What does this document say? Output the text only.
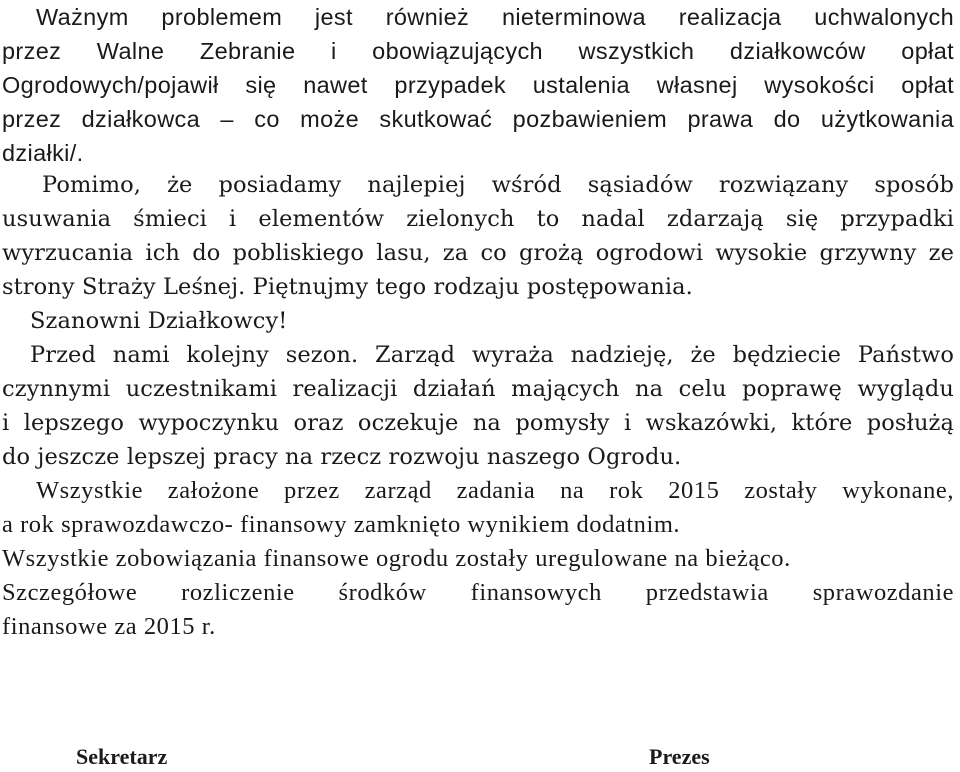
Ważnym problemem jest również nieterminowa realizacja uchwalonych
przez Walne Zebranie i obowiązujących wszystkich działkowców opłat
Ogrodowych/pojawił się nawet przypadek ustalenia własnej wysokości opłat
przez działkowca – co może skutkować pozbawieniem prawa do użytkowania
działki/.
Pomimo, że posiadamy najlepiej wśród sąsiadów rozwiązany sposób
usuwania śmieci i elementów zielonych to nadal zdarzają się przypadki
wyrzucania ich do pobliskiego lasu, za co grożą ogrodowi wysokie grzywny ze
strony Straży Leśnej. Piętnujmy tego rodzaju postępowania.
Szanowni Działkowcy!
Przed nami kolejny sezon. Zarząd wyraża nadzieję, że będziecie Państwo
czynnymi uczestnikami realizacji działań mających na celu poprawę wyglądu
i lepszego wypoczynku oraz oczekuje na pomysły i wskazówki, które posłużą
do jeszcze lepszej pracy na rzecz rozwoju naszego Ogrodu.
Wszystkie założone przez zarząd zadania na rok 2015 zostały wykonane,
a rok sprawozdawczo- finansowy zamknięto wynikiem dodatnim.
Wszystkie zobowiązania finansowe ogrodu zostały uregulowane na bieżąco.
Szczegółowe rozliczenie środków finansowych przedstawia sprawozdanie
finansowe za 2015 r.
Sekretarz	Prezes
